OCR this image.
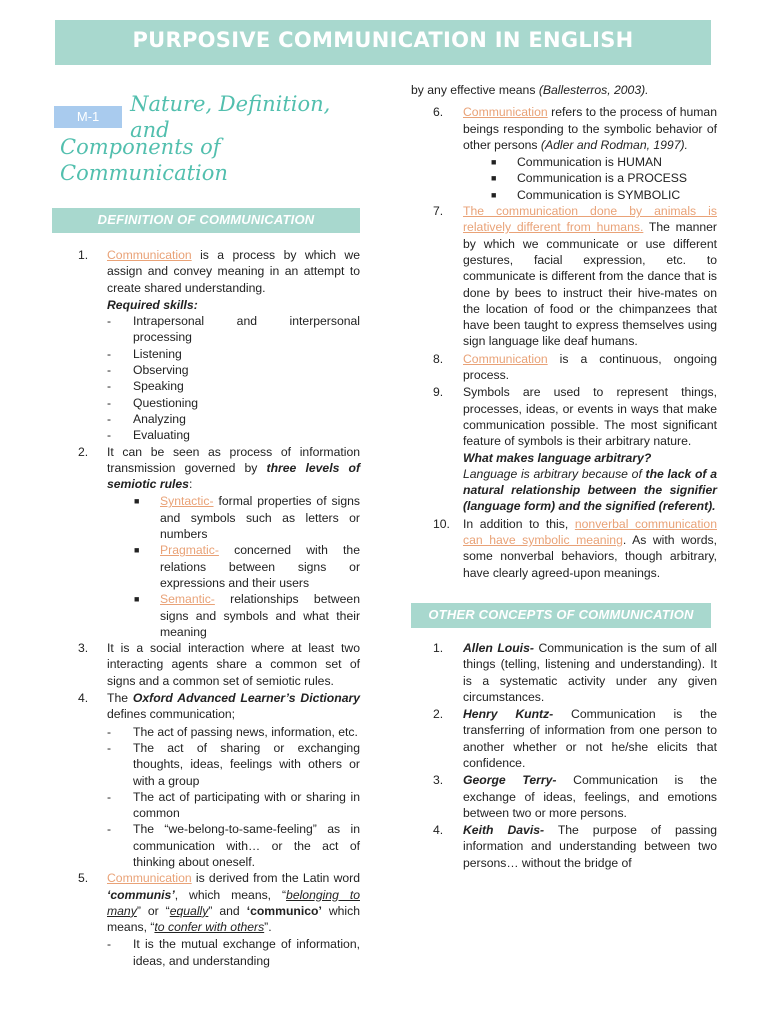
PURPOSIVE COMMUNICATION IN ENGLISH
M-1
Nature, Definition, and
Components of Communication
DEFINITION OF COMMUNICATION
1.	Communication is a process by which we assign and convey meaning in an attempt to create shared understanding.
Required skills:
-	Intrapersonal and interpersonal processing
-	Listening
-	Observing
-	Speaking
-	Questioning
-	Analyzing
-	Evaluating
2.	It can be seen as process of information transmission governed by three levels of semiotic rules:
■	Syntactic- formal properties of signs and symbols such as letters or numbers
■	Pragmatic- concerned with the relations between signs or expressions and their users
■	Semantic- relationships between signs and symbols and what their meaning
3.	It is a social interaction where at least two interacting agents share a common set of signs and a common set of semiotic rules.
4.	The Oxford Advanced Learner’s Dictionary defines communication;
-	The act of passing news, information, etc.
-	The act of sharing or exchanging thoughts, ideas, feelings with others or with a group
-	The act of participating with or sharing in common
-	The “we-belong-to-same-feeling” as in communication with… or the act of thinking about oneself.
5.	Communication is derived from the Latin word ‘communis’, which means, “belonging to many” or “equally” and ‘communico’ which means, “to confer with others”.
-	It is the mutual exchange of information, ideas, and understanding
by any effective means (Ballesterros, 2003).
6.	Communication refers to the process of human beings responding to the symbolic behavior of other persons (Adler and Rodman, 1997).
■	Communication is HUMAN
■	Communication is a PROCESS
■	Communication is SYMBOLIC
7.	The communication done by animals is relatively different from humans. The manner by which we communicate or use different gestures, facial expression, etc. to communicate is different from the dance that is done by bees to instruct their hive-mates on the location of food or the chimpanzees that have been taught to express themselves using sign language like deaf humans.
8.	Communication is a continuous, ongoing process.
9.	Symbols are used to represent things, processes, ideas, or events in ways that make communication possible. The most significant feature of symbols is their arbitrary nature.
What makes language arbitrary?
Language is arbitrary because of the lack of a natural relationship between the signifier (language form) and the signified (referent).
10.	In addition to this, nonverbal communication can have symbolic meaning. As with words, some nonverbal behaviors, though arbitrary, have clearly agreed-upon meanings.
OTHER CONCEPTS OF COMMUNICATION
1.	Allen Louis- Communication is the sum of all things (telling, listening and understanding). It is a systematic activity under any given circumstances.
2.	Henry Kuntz- Communication is the transferring of information from one person to another whether or not he/she elicits that confidence.
3.	George Terry- Communication is the exchange of ideas, feelings, and emotions between two or more persons.
4.	Keith Davis- The purpose of passing information and understanding between two persons… without the bridge of
